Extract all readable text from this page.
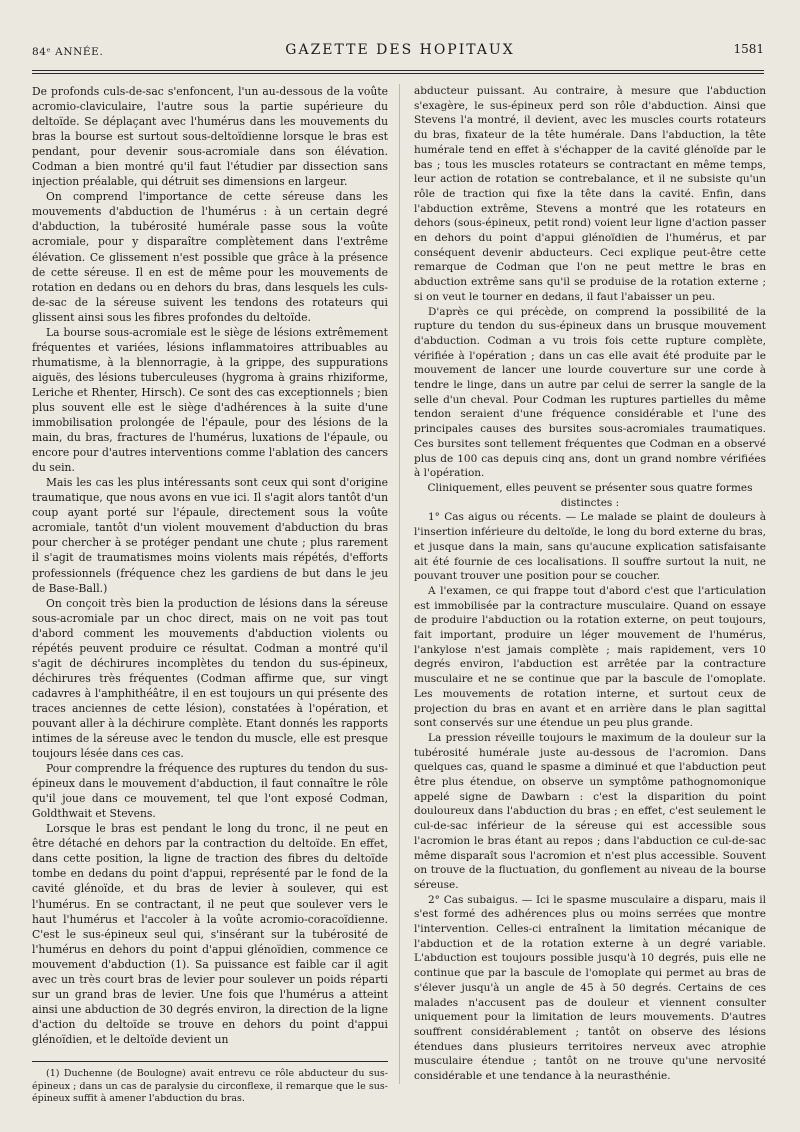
84ᵉ ANNÉE.	GAZETTE DES HOPITAUX	1581

De profonds culs-de-sac s'enfoncent, l'un au-dessous de la voûte acromio-claviculaire, l'autre sous la partie supérieure du deltoïde. Se déplaçant avec l'humérus dans les mouvements du bras la bourse est surtout sous-deltoïdienne lorsque le bras est pendant, pour devenir sous-acromiale dans son élévation. Codman a bien montré qu'il faut l'étudier par dissection sans injection préalable, qui détruit ses dimensions en largeur.

On comprend l'importance de cette séreuse dans les mouvements d'abduction de l'humérus : à un certain degré d'abduction, la tubérosité humérale passe sous la voûte acromiale, pour y disparaître complètement dans l'extrême élévation. Ce glissement n'est possible que grâce à la présence de cette séreuse. Il en est de même pour les mouvements de rotation en dedans ou en dehors du bras, dans lesquels les culs-de-sac de la séreuse suivent les tendons des rotateurs qui glissent ainsi sous les fibres profondes du deltoïde.

La bourse sous-acromiale est le siège de lésions extrêmement fréquentes et variées, lésions inflammatoires attribuables au rhumatisme, à la blennorragie, à la grippe, des suppurations aiguës, des lésions tuberculeuses (hygroma à grains rhiziforme, Leriche et Rhenter, Hirsch). Ce sont des cas exceptionnels ; bien plus souvent elle est le siège d'adhérences à la suite d'une immobilisation prolongée de l'épaule, pour des lésions de la main, du bras, fractures de l'humérus, luxations de l'épaule, ou encore pour d'autres interventions comme l'ablation des cancers du sein.

Mais les cas les plus intéressants sont ceux qui sont d'origine traumatique, que nous avons en vue ici. Il s'agit alors tantôt d'un coup ayant porté sur l'épaule, directement sous la voûte acromiale, tantôt d'un violent mouvement d'abduction du bras pour chercher à se protéger pendant une chute ; plus rarement il s'agit de traumatismes moins violents mais répétés, d'efforts professionnels (fréquence chez les gardiens de but dans le jeu de Base-Ball.)

On conçoit très bien la production de lésions dans la séreuse sous-acromiale par un choc direct, mais on ne voit pas tout d'abord comment les mouvements d'abduction violents ou répétés peuvent produire ce résultat. Codman a montré qu'il s'agit de déchirures incomplètes du tendon du sus-épineux, déchirures très fréquentes (Codman affirme que, sur vingt cadavres à l'amphithéâtre, il en est toujours un qui présente des traces anciennes de cette lésion), constatées à l'opération, et pouvant aller à la déchirure complète. Etant donnés les rapports intimes de la séreuse avec le tendon du muscle, elle est presque toujours lésée dans ces cas.

Pour comprendre la fréquence des ruptures du tendon du sus-épineux dans le mouvement d'abduction, il faut connaître le rôle qu'il joue dans ce mouvement, tel que l'ont exposé Codman, Goldthwait et Stevens.

Lorsque le bras est pendant le long du tronc, il ne peut en être détaché en dehors par la contraction du deltoïde. En effet, dans cette position, la ligne de traction des fibres du deltoïde tombe en dedans du point d'appui, représenté par le fond de la cavité glénoïde, et du bras de levier à soulever, qui est l'humérus. En se contractant, il ne peut que soulever vers le haut l'humérus et l'accoler à la voûte acromio-coracoïdienne. C'est le sus-épineux seul qui, s'insérant sur la tubérosité de l'humérus en dehors du point d'appui glénoïdien, commence ce mouvement d'abduction (1). Sa puissance est faible car il agit avec un très court bras de levier pour soulever un poids réparti sur un grand bras de levier. Une fois que l'humérus a atteint ainsi une abduction de 30 degrés environ, la direction de la ligne d'action du deltoïde se trouve en dehors du point d'appui glénoïdien, et le deltoïde devient un

(1) Duchenne (de Boulogne) avait entrevu ce rôle abducteur du sus-épineux ; dans un cas de paralysie du circonflexe, il remarque que le sus-épineux suffit à amener l'abduction du bras.

abducteur puissant. Au contraire, à mesure que l'abduction s'exagère, le sus-épineux perd son rôle d'abduction. Ainsi que Stevens l'a montré, il devient, avec les muscles courts rotateurs du bras, fixateur de la tête humérale. Dans l'abduction, la tête humérale tend en effet à s'échapper de la cavité glénoïde par le bas ; tous les muscles rotateurs se contractant en même temps, leur action de rotation se contrebalance, et il ne subsiste qu'un rôle de traction qui fixe la tête dans la cavité. Enfin, dans l'abduction extrême, Stevens a montré que les rotateurs en dehors (sous-épineux, petit rond) voient leur ligne d'action passer en dehors du point d'appui glénoïdien de l'humérus, et par conséquent devenir abducteurs. Ceci explique peut-être cette remarque de Codman que l'on ne peut mettre le bras en abduction extrême sans qu'il se produise de la rotation externe ; si on veut le tourner en dedans, il faut l'abaisser un peu.

D'après ce qui précède, on comprend la possibilité de la rupture du tendon du sus-épineux dans un brusque mouvement d'abduction. Codman a vu trois fois cette rupture complète, vérifiée à l'opération ; dans un cas elle avait été produite par le mouvement de lancer une lourde couverture sur une corde à tendre le linge, dans un autre par celui de serrer la sangle de la selle d'un cheval. Pour Codman les ruptures partielles du même tendon seraient d'une fréquence considérable et l'une des principales causes des bursites sous-acromiales traumatiques. Ces bursites sont tellement fréquentes que Codman en a observé plus de 100 cas depuis cinq ans, dont un grand nombre vérifiées à l'opération.

Cliniquement, elles peuvent se présenter sous quatre formes distinctes :

1° Cas aigus ou récents. — Le malade se plaint de douleurs à l'insertion inférieure du deltoïde, le long du bord externe du bras, et jusque dans la main, sans qu'aucune explication satisfaisante ait été fournie de ces localisations. Il souffre surtout la nuit, ne pouvant trouver une position pour se coucher.

A l'examen, ce qui frappe tout d'abord c'est que l'articulation est immobilisée par la contracture musculaire. Quand on essaye de produire l'abduction ou la rotation externe, on peut toujours, fait important, produire un léger mouvement de l'humérus, l'ankylose n'est jamais complète ; mais rapidement, vers 10 degrés environ, l'abduction est arrêtée par la contracture musculaire et ne se continue que par la bascule de l'omoplate. Les mouvements de rotation interne, et surtout ceux de projection du bras en avant et en arrière dans le plan sagittal sont conservés sur une étendue un peu plus grande.

La pression réveille toujours le maximum de la douleur sur la tubérosité humérale juste au-dessous de l'acromion. Dans quelques cas, quand le spasme a diminué et que l'abduction peut être plus étendue, on observe un symptôme pathognomonique appelé signe de Dawbarn : c'est la disparition du point douloureux dans l'abduction du bras ; en effet, c'est seulement le cul-de-sac inférieur de la séreuse qui est accessible sous l'acromion le bras étant au repos ; dans l'abduction ce cul-de-sac même disparaît sous l'acromion et n'est plus accessible. Souvent on trouve de la fluctuation, du gonflement au niveau de la bourse séreuse.

2° Cas subaigus. — Ici le spasme musculaire a disparu, mais il s'est formé des adhérences plus ou moins serrées que montre l'intervention. Celles-ci entraînent la limitation mécanique de l'abduction et de la rotation externe à un degré variable. L'abduction est toujours possible jusqu'à 10 degrés, puis elle ne continue que par la bascule de l'omoplate qui permet au bras de s'élever jusqu'à un angle de 45 à 50 degrés. Certains de ces malades n'accusent pas de douleur et viennent consulter uniquement pour la limitation de leurs mouvements. D'autres souffrent considérablement ; tantôt on observe des lésions étendues dans plusieurs territoires nerveux avec atrophie musculaire étendue ; tantôt on ne trouve qu'une nervosité considérable et une tendance à la neurasthénie.
